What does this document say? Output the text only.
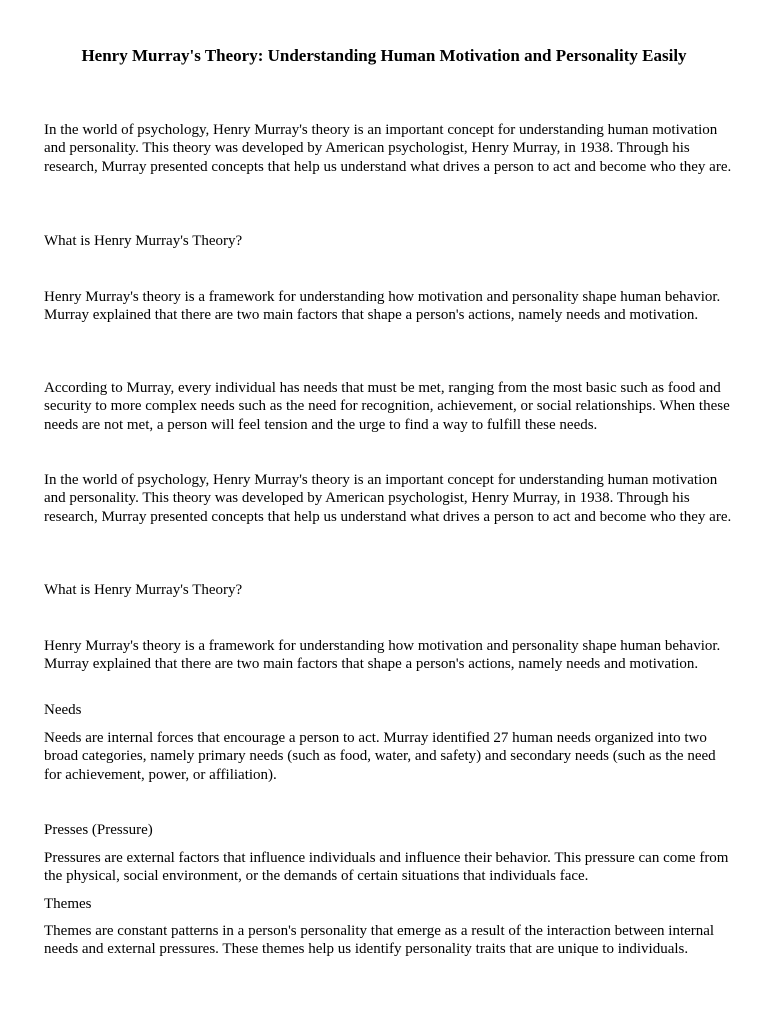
Henry Murray's Theory: Understanding Human Motivation and Personality Easily

In the world of psychology, Henry Murray's theory is an important concept for understanding human motivation and personality. This theory was developed by American psychologist, Henry Murray, in 1938. Through his research, Murray presented concepts that help us understand what drives a person to act and become who they are.

What is Henry Murray's Theory?

Henry Murray's theory is a framework for understanding how motivation and personality shape human behavior. Murray explained that there are two main factors that shape a person's actions, namely needs and motivation.

According to Murray, every individual has needs that must be met, ranging from the most basic such as food and security to more complex needs such as the need for recognition, achievement, or social relationships. When these needs are not met, a person will feel tension and the urge to find a way to fulfill these needs.

In the world of psychology, Henry Murray's theory is an important concept for understanding human motivation and personality. This theory was developed by American psychologist, Henry Murray, in 1938. Through his research, Murray presented concepts that help us understand what drives a person to act and become who they are.

What is Henry Murray's Theory?

Henry Murray's theory is a framework for understanding how motivation and personality shape human behavior. Murray explained that there are two main factors that shape a person's actions, namely needs and motivation.

Needs

Needs are internal forces that encourage a person to act. Murray identified 27 human needs organized into two broad categories, namely primary needs (such as food, water, and safety) and secondary needs (such as the need for achievement, power, or affiliation).

Presses (Pressure)

Pressures are external factors that influence individuals and influence their behavior. This pressure can come from the physical, social environment, or the demands of certain situations that individuals face.

Themes

Themes are constant patterns in a person's personality that emerge as a result of the interaction between internal needs and external pressures. These themes help us identify personality traits that are unique to individuals.
